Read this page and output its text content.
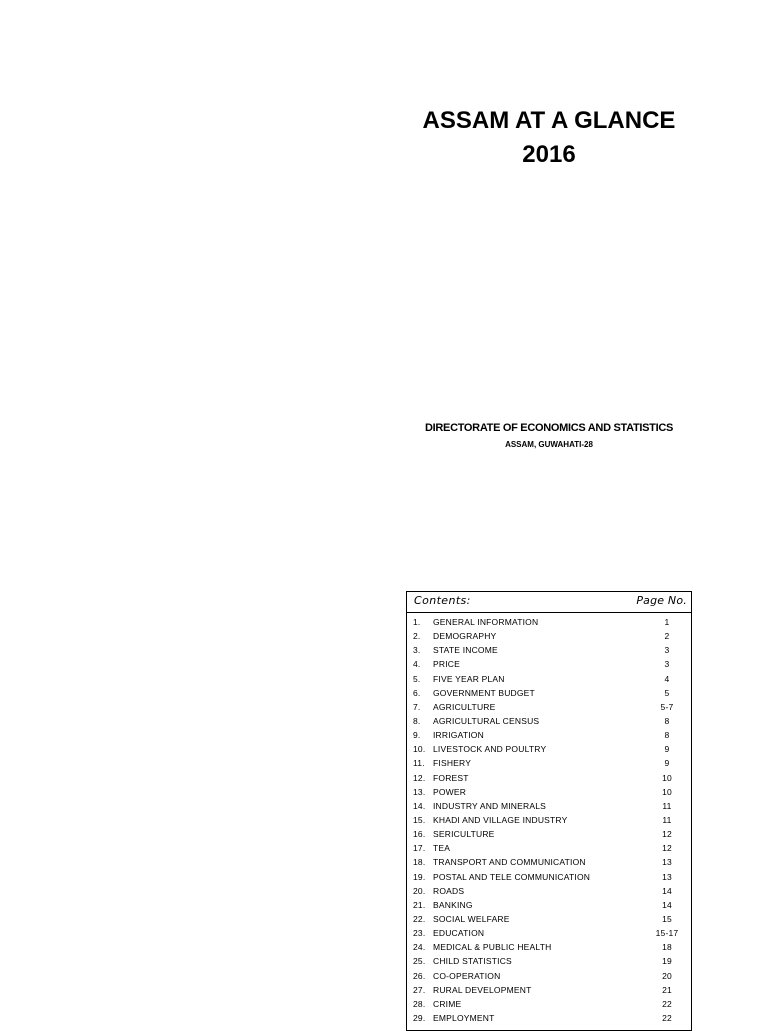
ASSAM AT A GLANCE
2016
DIRECTORATE OF ECONOMICS AND STATISTICS
ASSAM, GUWAHATI-28
Contents:	Page No.
1. GENERAL INFORMATION	1
2. DEMOGRAPHY	2
3. STATE INCOME	3
4. PRICE	3
5. FIVE YEAR PLAN	4
6. GOVERNMENT BUDGET	5
7. AGRICULTURE	5-7
8. AGRICULTURAL CENSUS	8
9. IRRIGATION	8
10. LIVESTOCK AND POULTRY	9
11. FISHERY	9
12. FOREST	10
13. POWER	10
14. INDUSTRY AND MINERALS	11
15. KHADI AND VILLAGE INDUSTRY	11
16. SERICULTURE	12
17. TEA	12
18. TRANSPORT AND COMMUNICATION	13
19. POSTAL AND TELE COMMUNICATION	13
20. ROADS	14
21. BANKING	14
22. SOCIAL WELFARE	15
23. EDUCATION	15-17
24. MEDICAL & PUBLIC HEALTH	18
25. CHILD STATISTICS	19
26. CO-OPERATION	20
27. RURAL DEVELOPMENT	21
28. CRIME	22
29. EMPLOYMENT	22
